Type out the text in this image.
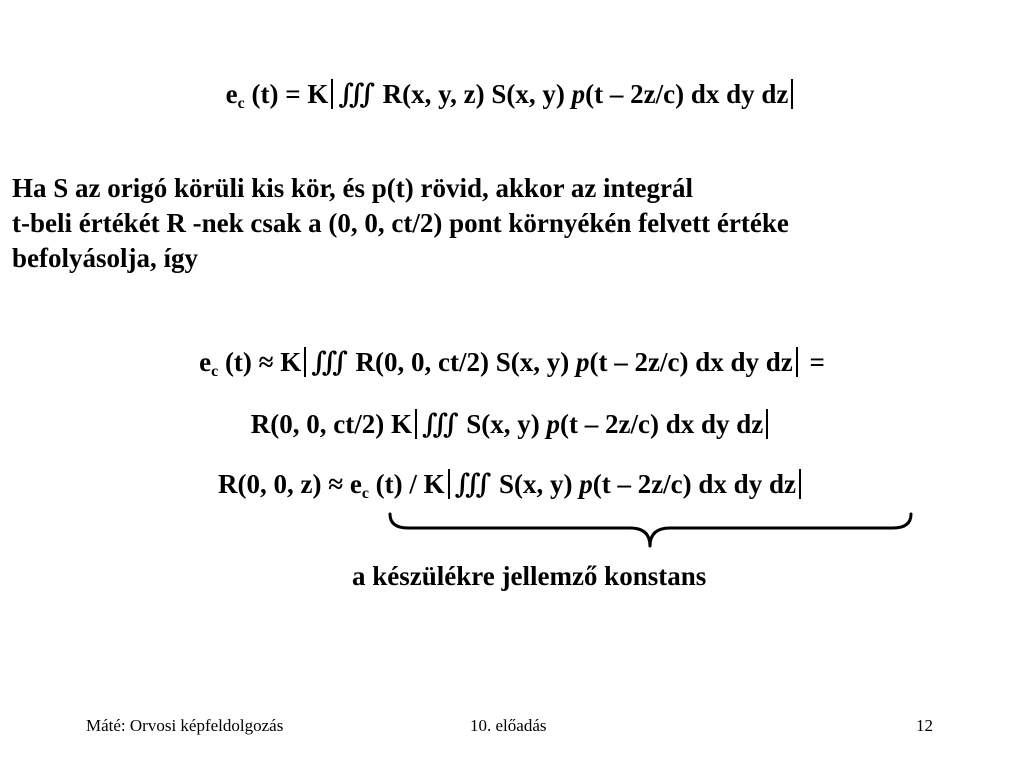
$e_c$ (t) = K ∭ R(x, y, z) S(x, y) p(t – 2z/c) dx dy dz
Ha S az origó körüli kis kör, és p(t) rövid, akkor az integrál
t-beli értékét R -nek csak a (0, 0, ct/2) pont környékén felvett értéke
befolyásolja, így
$e_c$ (t) ≈ K ∭ R(0, 0, ct/2) S(x, y) p(t – 2z/c) dx dy dz =
R(0, 0, ct/2) K ∭ S(x, y) p(t – 2z/c) dx dy dz
R(0, 0, $z) \approx e_c$ (t) / K ∭ S(x, y) p(t – 2z/c) dx dy dz
a készülékre jellemző konstans
Máté: Orvosi képfeldolgozás	10. előadás	12
